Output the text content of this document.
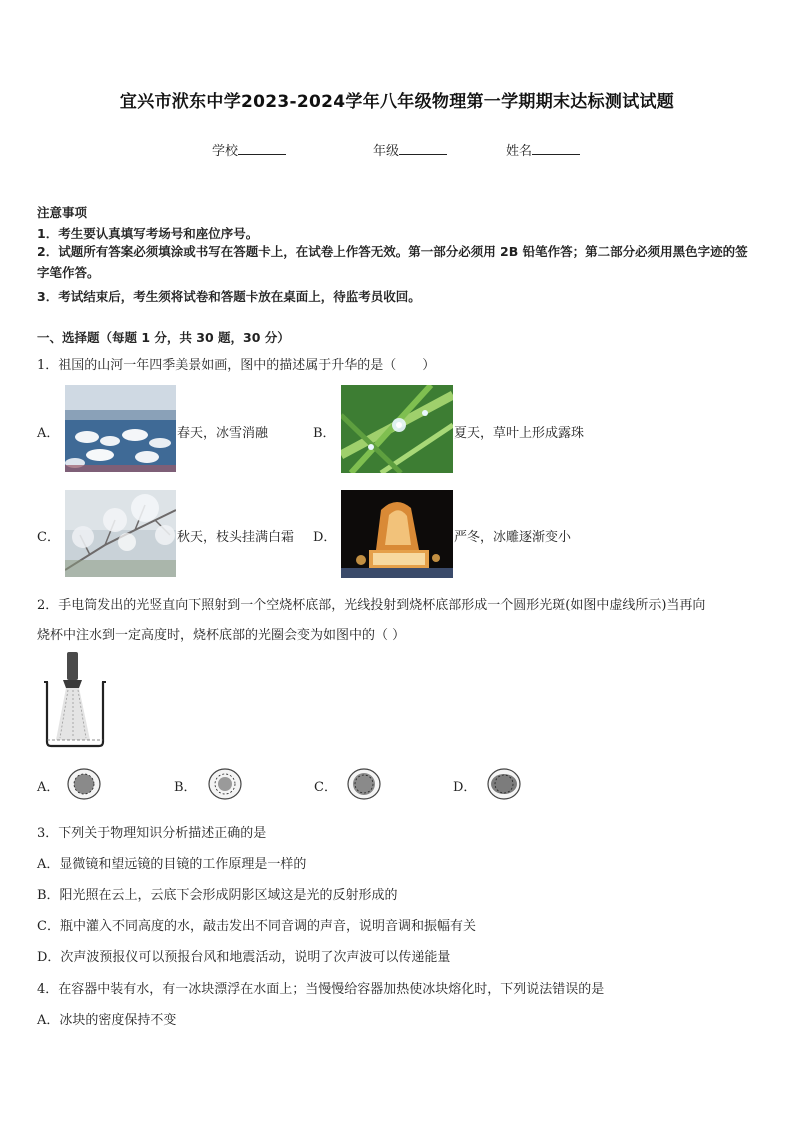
宜兴市洑东中学2023-2024学年八年级物理第一学期期末达标测试试题
学校	年级	姓名
注意事项
1．考生要认真填写考场号和座位序号。
2．试题所有答案必须填涂或书写在答题卡上，在试卷上作答无效。第一部分必须用 2B 铅笔作答；第二部分必须用黑色字迹的签字笔作答。
3．考试结束后，考生须将试卷和答题卡放在桌面上，待监考员收回。
一、选择题（每题 1 分，共 30 题，30 分）
1．祖国的山河一年四季美景如画，图中的描述属于升华的是（　　）
A．	春天，冰雪消融	B．	夏天，草叶上形成露珠
C．	秋天，枝头挂满白霜 D．	严冬，冰雕逐渐变小
2．手电筒发出的光竖直向下照射到一个空烧杯底部，光线投射到烧杯底部形成一个圆形光斑(如图中虚线所示)当再向
烧杯中注水到一定高度时，烧杯底部的光圈会变为如图中的（ ）
A．	B．	C．	D．
3．下列关于物理知识分析描述正确的是
A．显微镜和望远镜的目镜的工作原理是一样的
B．阳光照在云上，云底下会形成阴影区域这是光的反射形成的
C．瓶中灌入不同高度的水，敲击发出不同音调的声音，说明音调和振幅有关
D．次声波预报仪可以预报台风和地震活动，说明了次声波可以传递能量
4．在容器中装有水，有一冰块漂浮在水面上；当慢慢给容器加热使冰块熔化时，下列说法错误的是
A．冰块的密度保持不变
